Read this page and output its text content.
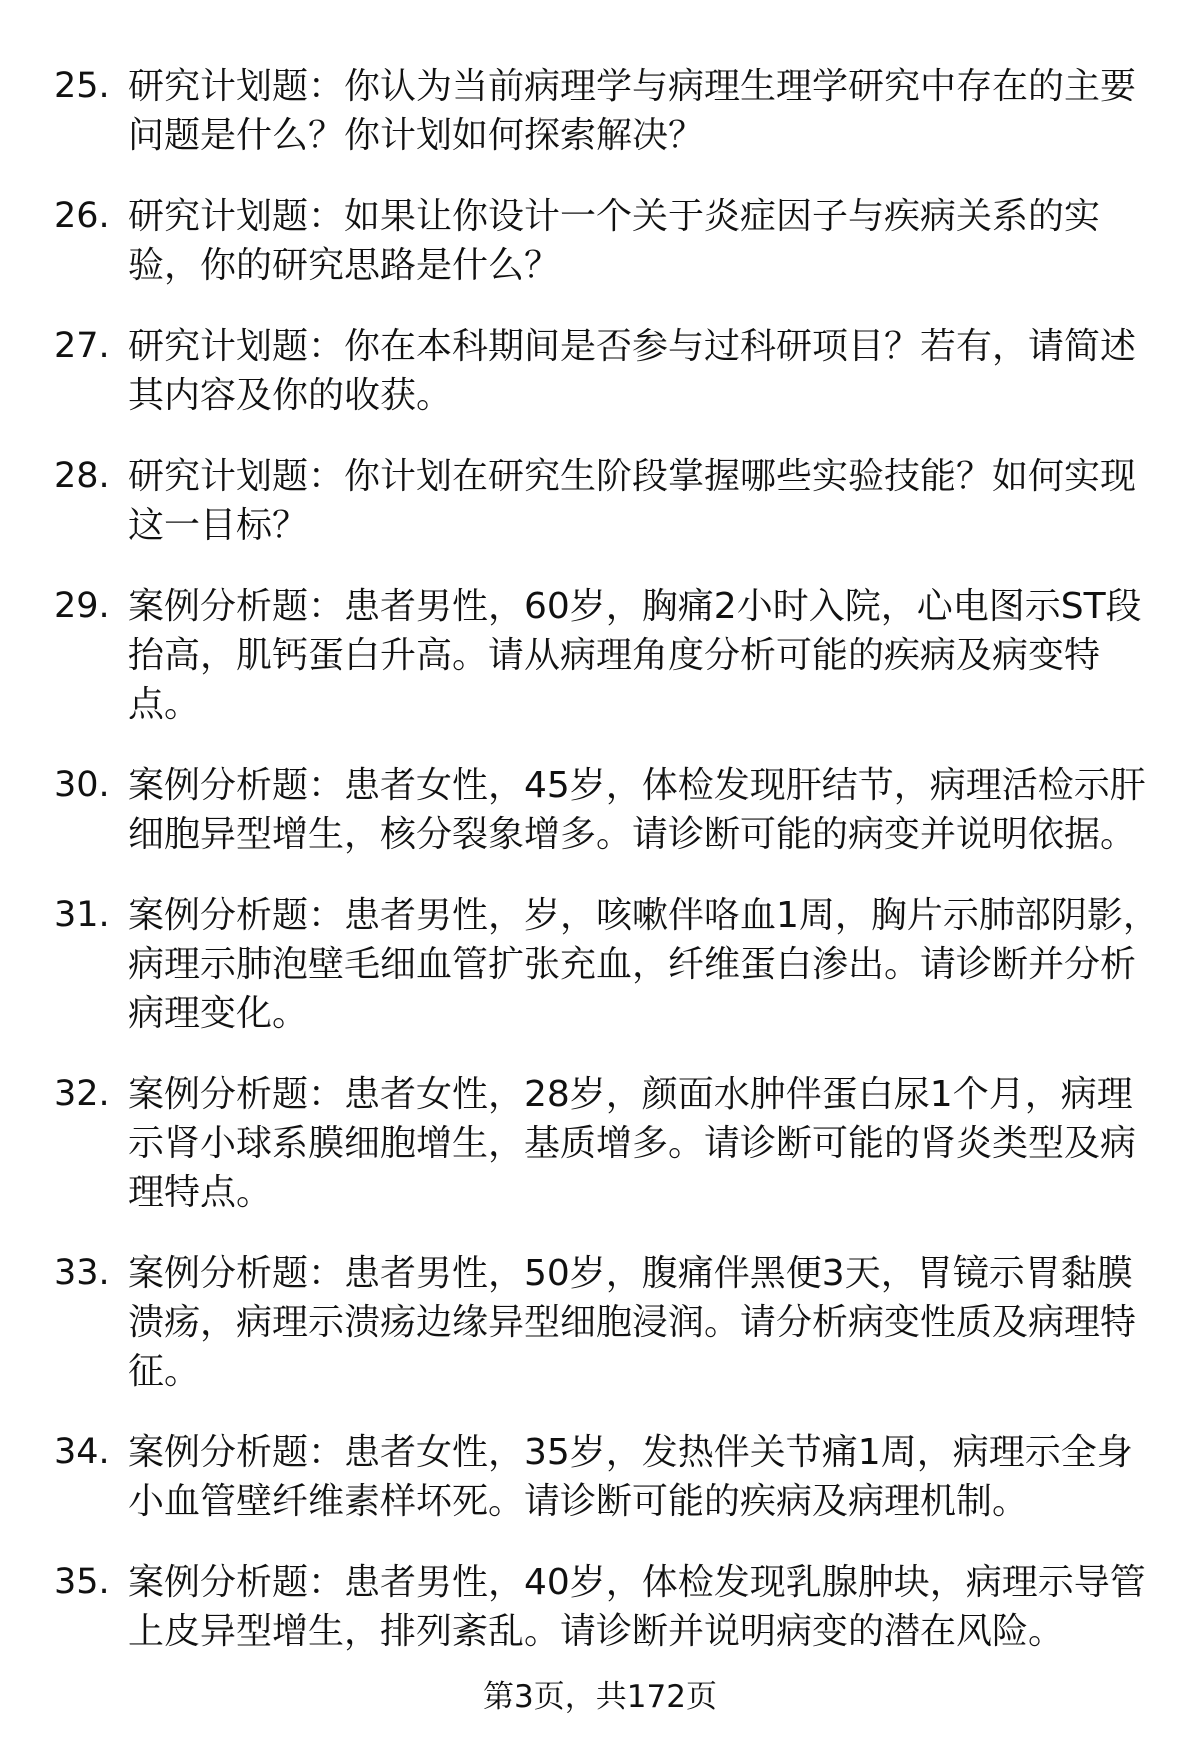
25. 研究计划题：你认为当前病理学与病理生理学研究中存在的主要
问题是什么？你计划如何探索解决？
26. 研究计划题：如果让你设计一个关于炎症因子与疾病关系的实
验，你的研究思路是什么？
27. 研究计划题：你在本科期间是否参与过科研项目？若有，请简述
其内容及你的收获。
28. 研究计划题：你计划在研究生阶段掌握哪些实验技能？如何实现
这一目标？
29. 案例分析题：患者男性，60岁，胸痛2小时入院，心电图示ST段
抬高，肌钙蛋白升高。请从病理角度分析可能的疾病及病变特
点。
30. 案例分析题：患者女性，45岁，体检发现肝结节，病理活检示肝
细胞异型增生，核分裂象增多。请诊断可能的病变并说明依据。
31. 案例分析题：患者男性，岁，咳嗽伴咯血1周，胸片示肺部阴影，
病理示肺泡壁毛细血管扩张充血，纤维蛋白渗出。请诊断并分析
病理变化。
32. 案例分析题：患者女性，28岁，颜面水肿伴蛋白尿1个月，病理
示肾小球系膜细胞增生，基质增多。请诊断可能的肾炎类型及病
理特点。
33. 案例分析题：患者男性，50岁，腹痛伴黑便3天，胃镜示胃黏膜
溃疡，病理示溃疡边缘异型细胞浸润。请分析病变性质及病理特
征。
34. 案例分析题：患者女性，35岁，发热伴关节痛1周，病理示全身
小血管壁纤维素样坏死。请诊断可能的疾病及病理机制。
35. 案例分析题：患者男性，40岁，体检发现乳腺肿块，病理示导管
上皮异型增生，排列紊乱。请诊断并说明病变的潜在风险。
第3页，共172页
